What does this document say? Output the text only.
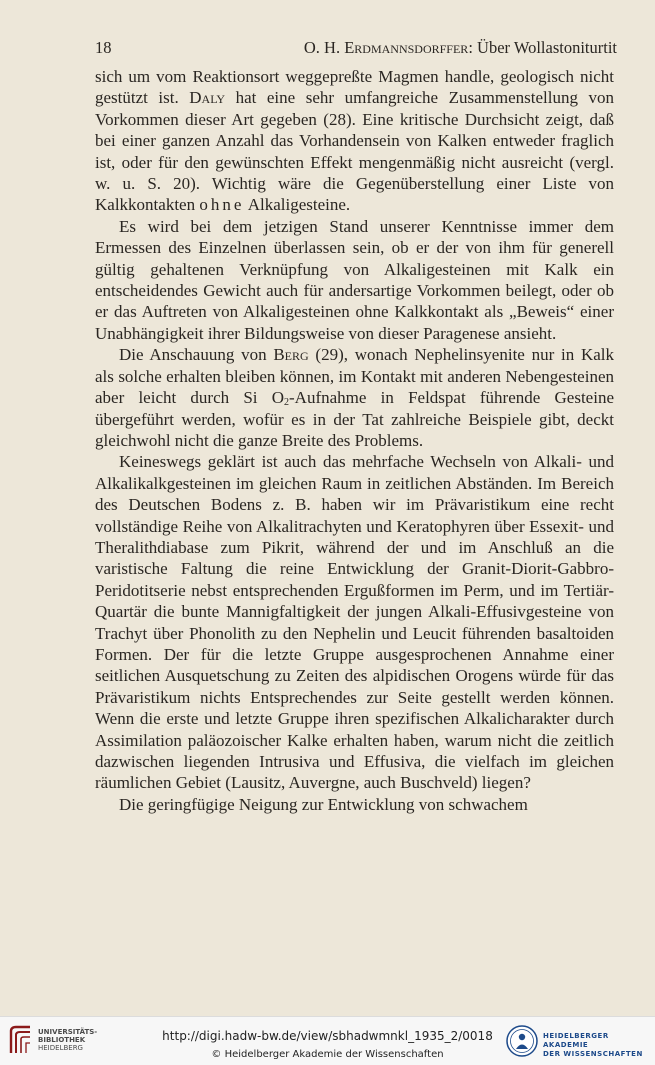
18	O. H. Erdmannsdorffer: Über Wollastoniturtit

sich um vom Reaktionsort weggepreßte Magmen handle, geologisch nicht gestützt ist. Daly hat eine sehr umfangreiche Zusammenstellung von Vorkommen dieser Art gegeben (28). Eine kritische Durchsicht zeigt, daß bei einer ganzen Anzahl das Vorhandensein von Kalken entweder fraglich ist, oder für den gewünschten Effekt mengenmäßig nicht ausreicht (vergl. w. u. S. 20). Wichtig wäre die Gegenüberstellung einer Liste von Kalkkontakten ohne Alkaligesteine.

Es wird bei dem jetzigen Stand unserer Kenntnisse immer dem Ermessen des Einzelnen überlassen sein, ob er der von ihm für generell gültig gehaltenen Verknüpfung von Alkaligesteinen mit Kalk ein entscheidendes Gewicht auch für andersartige Vorkommen beilegt, oder ob er das Auftreten von Alkaligesteinen ohne Kalkkontakt als „Beweis“ einer Unabhängigkeit ihrer Bildungsweise von dieser Paragenese ansieht.

Die Anschauung von Berg (29), wonach Nephelinsyenite nur in Kalk als solche erhalten bleiben können, im Kontakt mit anderen Nebengesteinen aber leicht durch Si $O_2$-Aufnahme in Feldspat führende Gesteine übergeführt werden, wofür es in der Tat zahlreiche Beispiele gibt, deckt gleichwohl nicht die ganze Breite des Problems.

Keineswegs geklärt ist auch das mehrfache Wechseln von Alkali- und Alkalikalkgesteinen im gleichen Raum in zeitlichen Abständen. Im Bereich des Deutschen Bodens z. B. haben wir im Prävaristikum eine recht vollständige Reihe von Alkalitrachyten und Keratophyren über Essexit- und Theralithdiabase zum Pikrit, während der und im Anschluß an die varistische Faltung die reine Entwicklung der Granit-Diorit-Gabbro-Peridotitserie nebst entsprechenden Ergußformen im Perm, und im Tertiär-Quartär die bunte Mannigfaltigkeit der jungen Alkali-Effusivgesteine von Trachyt über Phonolith zu den Nephelin und Leucit führenden basaltoiden Formen. Der für die letzte Gruppe ausgesprochenen Annahme einer seitlichen Ausquetschung zu Zeiten des alpidischen Orogens würde für das Prävaristikum nichts Entsprechendes zur Seite gestellt werden können. Wenn die erste und letzte Gruppe ihren spezifischen Alkalicharakter durch Assimilation paläozoischer Kalke erhalten haben, warum nicht die zeitlich dazwischen liegenden Intrusiva und Effusiva, die vielfach im gleichen räumlichen Gebiet (Lausitz, Auvergne, auch Buschveld) liegen?

Die geringfügige Neigung zur Entwicklung von schwachem

UNIVERSITÄTS-
BIBLIOTHEK
HEIDELBERG
http://digi.hadw-bw.de/view/sbhadwmnkl_1935_2/0018
© Heidelberger Akademie der Wissenschaften
HEIDELBERGER AKADEMIE
DER WISSENSCHAFTEN
